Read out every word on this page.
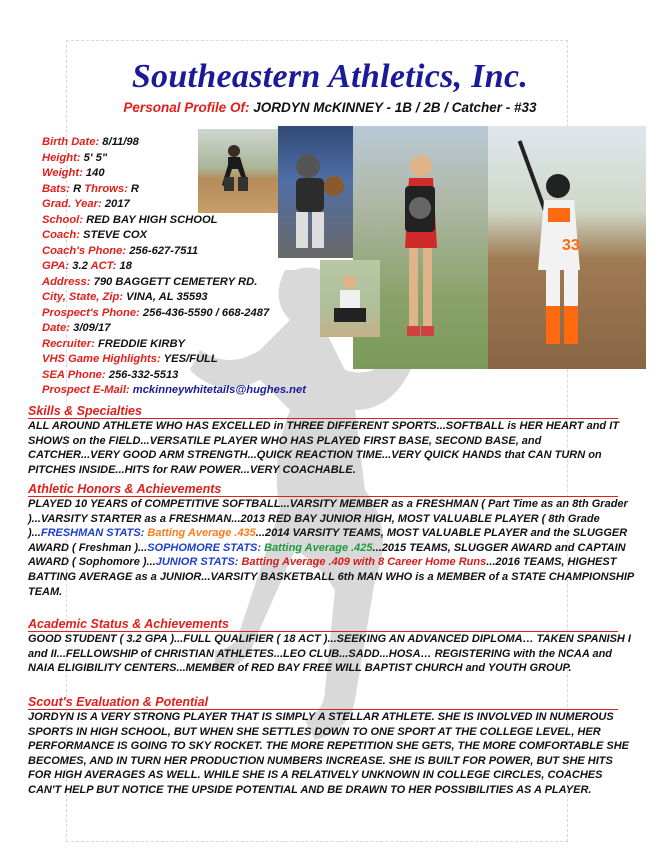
Southeastern Athletics, Inc.
Personal Profile Of: JORDYN McKINNEY - 1B / 2B / Catcher - #33
Birth Date: 8/11/98
Height: 5' 5"
Weight: 140
Bats: R Throws: R
Grad. Year: 2017
School: RED BAY HIGH SCHOOL
Coach: STEVE COX
Coach's Phone: 256-627-7511
GPA: 3.2 ACT: 18
Address: 790 BAGGETT CEMETERY RD.
City, State, Zip: VINA, AL 35593
Prospect's Phone: 256-436-5590 / 668-2487
Date: 3/09/17
Recruiter: FREDDIE KIRBY
VHS Game Highlights: YES/FULL
SEA Phone: 256-332-5513
Prospect E-Mail: mckinneywhitetails@hughes.net
33
Skills & Specialties
ALL AROUND ATHLETE WHO HAS EXCELLED in THREE DIFFERENT SPORTS...SOFTBALL is HER HEART and IT SHOWS on the FIELD...VERSATILE PLAYER WHO HAS PLAYED FIRST BASE, SECOND BASE, and CATCHER...VERY GOOD ARM STRENGTH...QUICK REACTION TIME...VERY QUICK HANDS that CAN TURN on PITCHES INSIDE...HITS for RAW POWER...VERY COACHABLE.
Athletic Honors & Achievements
PLAYED 10 YEARS of COMPETITIVE SOFTBALL...VARSITY MEMBER as a FRESHMAN ( Part Time as an 8th Grader )...VARSITY STARTER as a FRESHMAN...2013 RED BAY JUNIOR HIGH, MOST VALUABLE PLAYER ( 8th Grade )...FRESHMAN STATS: Batting Average .435...2014 VARSITY TEAMS, MOST VALUABLE PLAYER and the SLUGGER AWARD ( Freshman )...SOPHOMORE STATS: Batting Average .425...2015 TEAMS, SLUGGER AWARD and CAPTAIN AWARD ( Sophomore )...JUNIOR STATS: Batting Average .409 with 8 Career Home Runs...2016 TEAMS, HIGHEST BATTING AVERAGE as a JUNIOR...VARSITY BASKETBALL 6th MAN WHO is a MEMBER of a STATE CHAMPIONSHIP TEAM.
Academic Status & Achievements
GOOD STUDENT ( 3.2 GPA )...FULL QUALIFIER ( 18 ACT )...SEEKING AN ADVANCED DIPLOMA… TAKEN SPANISH I and II...FELLOWSHIP of CHRISTIAN ATHLETES...LEO CLUB...SADD...HOSA… REGISTERING with the NCAA and NAIA ELIGIBILITY CENTERS...MEMBER of RED BAY FREE WILL BAPTIST CHURCH and YOUTH GROUP.
Scout's Evaluation & Potential
JORDYN IS A VERY STRONG PLAYER THAT IS SIMPLY A STELLAR ATHLETE. SHE IS INVOLVED IN NUMEROUS SPORTS IN HIGH SCHOOL, BUT WHEN SHE SETTLES DOWN TO ONE SPORT AT THE COLLEGE LEVEL, HER PERFORMANCE IS GOING TO SKY ROCKET. THE MORE REPETITION SHE GETS, THE MORE COMFORTABLE SHE BECOMES, AND IN TURN HER PRODUCTION NUMBERS INCREASE. SHE IS BUILT FOR POWER, BUT SHE HITS FOR HIGH AVERAGES AS WELL. WHILE SHE IS A RELATIVELY UNKNOWN IN COLLEGE CIRCLES, COACHES CAN'T HELP BUT NOTICE THE UPSIDE POTENTIAL AND BE DRAWN TO HER POSSIBILITIES AS A PLAYER.
